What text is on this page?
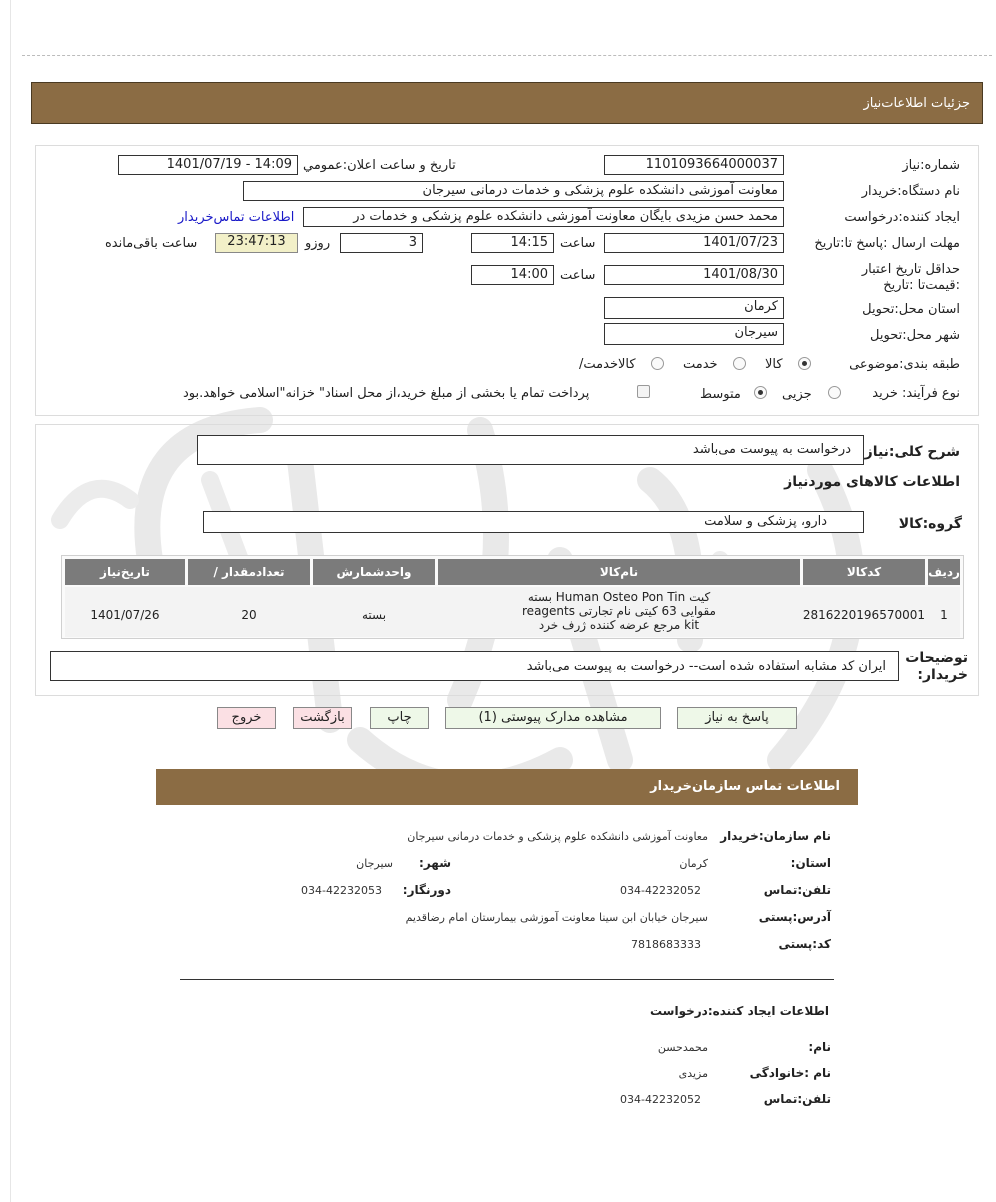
جزئیات اطلاعات‌نیاز
شماره:نیاز
1101093664000037
تاریخ و ساعت اعلان:عمومي
1401/07/19 - 14:09
نام دستگاه:خریدار
معاونت آموزشی دانشکده علوم پزشکی و خدمات درمانی سیرجان
ایجاد کننده:درخواست
محمد حسن مزیدی بایگان معاونت آموزشی دانشکده علوم پزشکی و خدمات در
اطلاعات تماس‌خریدار
مهلت ارسال :پاسخ تا:تاریخ
1401/07/23
ساعت
14:15
3
روزو
23:47:13
ساعت باقی‌مانده
حداقل تاریخ اعتبار :قیمت‌تا :تاریخ
1401/08/30
ساعت
14:00
استان محل:تحویل
کرمان
شهر محل:تحویل
سیرجان
طبقه بندی:موضوعی
کالا
خدمت
/کالاخدمت
نوع فرآیند: خرید
جزیی
متوسط
پرداخت تمام یا بخشی از مبلغ خرید،از محل اسناد" خزانه"اسلامی خواهد.بود
شرح کلی:نیاز
درخواست به پیوست می‌باشد
اطلاعات کالاهای موردنیاز
گروه:کالا
دارو، پزشکی و سلامت
ردیف
کدکالا
نام‌کالا
واحدشمارش
/ تعدادمقدار
تاریخ‌نیاز
1
2816220196570001
کیت Human Osteo Pon Tin بسته
مقوایی 63 کیتی نام تجارتی reagents
kit مرجع عرضه کننده ژرف خرد
بسته
20
1401/07/26
توضیحات
:خریدار
ایران کد مشابه استفاده شده است-- درخواست به پیوست می‌باشد
پاسخ به نیاز
مشاهده مدارک پیوستی (1)
چاپ
بازگشت
خروج
اطلاعات تماس سازمان‌خریدار
نام سازمان:خریدار
معاونت آموزشی دانشکده علوم پزشکی و خدمات درمانی سیرجان
:استان
کرمان
:شهر
سیرجان
تلفن:تماس
034-42232052
:دورنگار
034-42232053
آدرس:پستی
سیرجان خیابان ابن سینا معاونت آموزشی بیمارستان امام رضاقدیم
کد:پستی
7818683333
اطلاعات ایجاد کننده:درخواست
:نام
محمدحسن
نام :خانوادگی
مزیدی
تلفن:تماس
034-42232052
